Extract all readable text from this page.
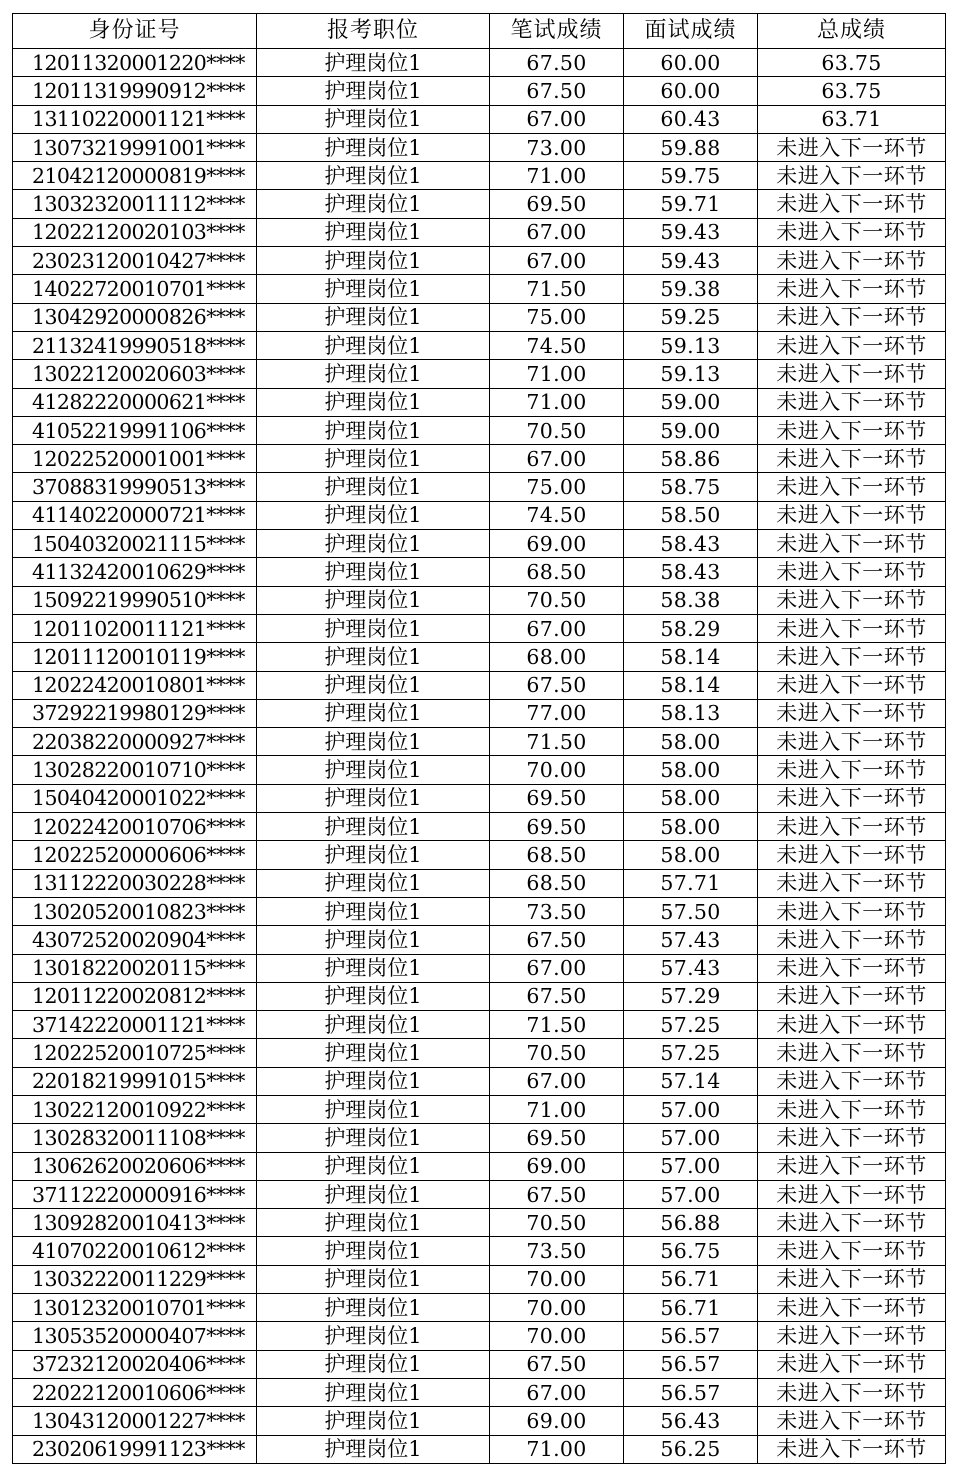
身份证号	报考职位	笔试成绩	面试成绩	总成绩
12011320001220****	护理岗位1	67.50	60.00	63.75
12011319990912****	护理岗位1	67.50	60.00	63.75
13110220001121****	护理岗位1	67.00	60.43	63.71
13073219991001****	护理岗位1	73.00	59.88	未进入下一环节
21042120000819****	护理岗位1	71.00	59.75	未进入下一环节
13032320011112****	护理岗位1	69.50	59.71	未进入下一环节
12022120020103****	护理岗位1	67.00	59.43	未进入下一环节
23023120010427****	护理岗位1	67.00	59.43	未进入下一环节
14022720010701****	护理岗位1	71.50	59.38	未进入下一环节
13042920000826****	护理岗位1	75.00	59.25	未进入下一环节
21132419990518****	护理岗位1	74.50	59.13	未进入下一环节
13022120020603****	护理岗位1	71.00	59.13	未进入下一环节
41282220000621****	护理岗位1	71.00	59.00	未进入下一环节
41052219991106****	护理岗位1	70.50	59.00	未进入下一环节
12022520001001****	护理岗位1	67.00	58.86	未进入下一环节
37088319990513****	护理岗位1	75.00	58.75	未进入下一环节
41140220000721****	护理岗位1	74.50	58.50	未进入下一环节
15040320021115****	护理岗位1	69.00	58.43	未进入下一环节
41132420010629****	护理岗位1	68.50	58.43	未进入下一环节
15092219990510****	护理岗位1	70.50	58.38	未进入下一环节
12011020011121****	护理岗位1	67.00	58.29	未进入下一环节
12011120010119****	护理岗位1	68.00	58.14	未进入下一环节
12022420010801****	护理岗位1	67.50	58.14	未进入下一环节
37292219980129****	护理岗位1	77.00	58.13	未进入下一环节
22038220000927****	护理岗位1	71.50	58.00	未进入下一环节
13028220010710****	护理岗位1	70.00	58.00	未进入下一环节
15040420001022****	护理岗位1	69.50	58.00	未进入下一环节
12022420010706****	护理岗位1	69.50	58.00	未进入下一环节
12022520000606****	护理岗位1	68.50	58.00	未进入下一环节
13112220030228****	护理岗位1	68.50	57.71	未进入下一环节
13020520010823****	护理岗位1	73.50	57.50	未进入下一环节
43072520020904****	护理岗位1	67.50	57.43	未进入下一环节
13018220020115****	护理岗位1	67.00	57.43	未进入下一环节
12011220020812****	护理岗位1	67.50	57.29	未进入下一环节
37142220001121****	护理岗位1	71.50	57.25	未进入下一环节
12022520010725****	护理岗位1	70.50	57.25	未进入下一环节
22018219991015****	护理岗位1	67.00	57.14	未进入下一环节
13022120010922****	护理岗位1	71.00	57.00	未进入下一环节
13028320011108****	护理岗位1	69.50	57.00	未进入下一环节
13062620020606****	护理岗位1	69.00	57.00	未进入下一环节
37112220000916****	护理岗位1	67.50	57.00	未进入下一环节
13092820010413****	护理岗位1	70.50	56.88	未进入下一环节
41070220010612****	护理岗位1	73.50	56.75	未进入下一环节
13032220011229****	护理岗位1	70.00	56.71	未进入下一环节
13012320010701****	护理岗位1	70.00	56.71	未进入下一环节
13053520000407****	护理岗位1	70.00	56.57	未进入下一环节
37232120020406****	护理岗位1	67.50	56.57	未进入下一环节
22022120010606****	护理岗位1	67.00	56.57	未进入下一环节
13043120001227****	护理岗位1	69.00	56.43	未进入下一环节
23020619991123****	护理岗位1	71.00	56.25	未进入下一环节
